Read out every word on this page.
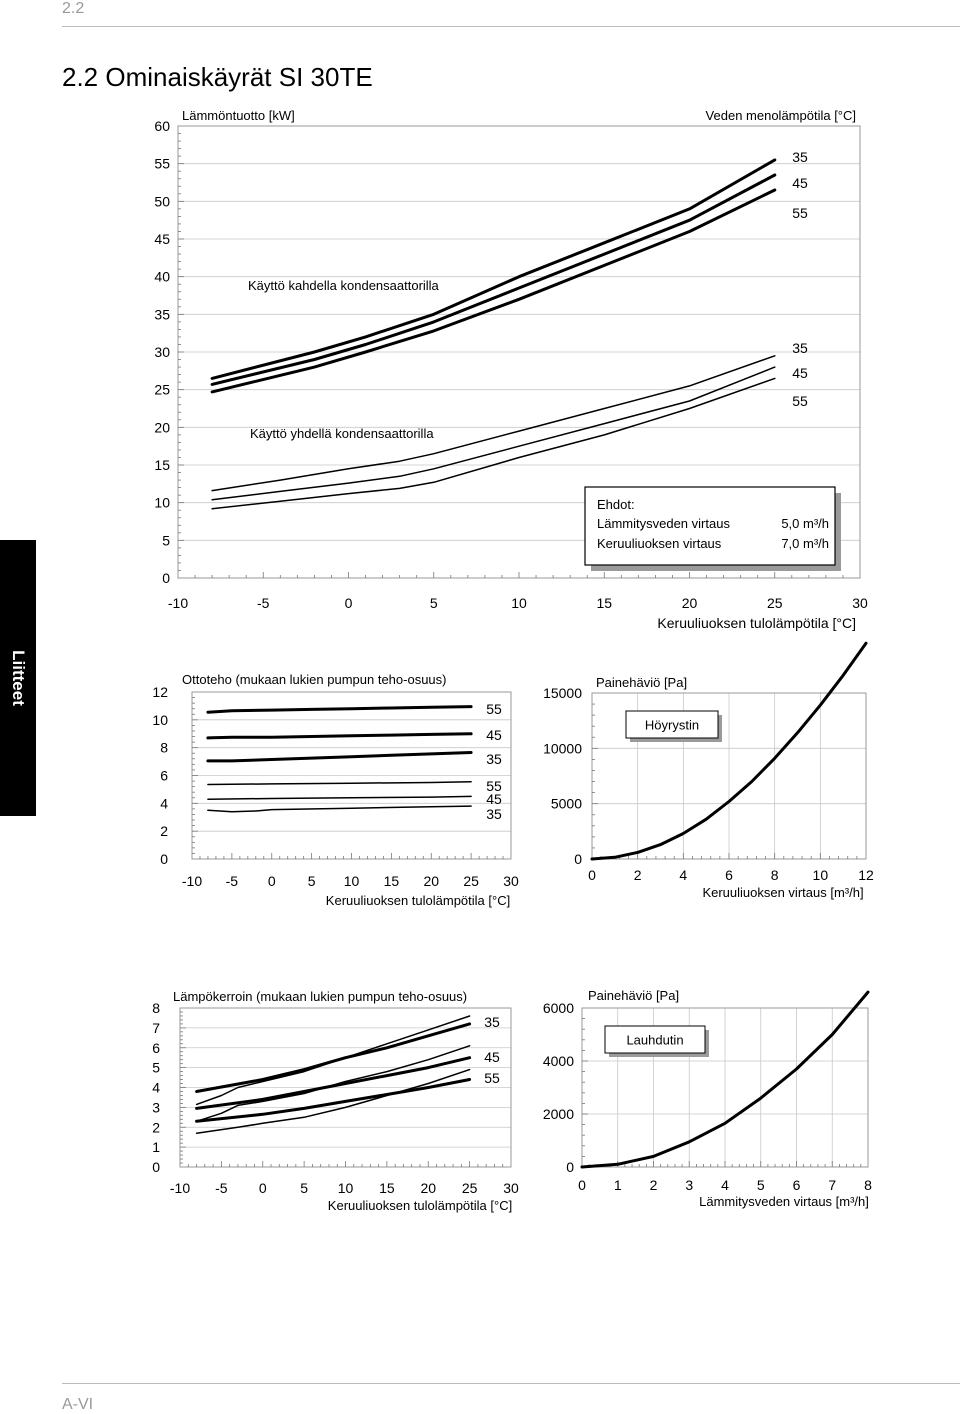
2.2
2.2 Ominaiskäyrät SI 30TE
Liitteet
A-VI
0
5
10
15
20
25
30
35
40
45
50
55
60
-10	-5	0	5	10	15	20	25	30
Lämmöntuotto [kW]	Veden menolämpötila [°C]
Keruuliuoksen tulolämpötila [°C]
35
45
55
35
45
55
Käyttö kahdella kondensaattorilla
Käyttö yhdellä kondensaattorilla
Ehdot:
Lämmitysveden virtaus	5,0 m³/h
Keruuliuoksen virtaus	7,0 m³/h
0
2
4
6
8
10
12
-10 -5 0 5 10 15 20 25 30
Ottoteho (mukaan lukien pumpun teho-osuus)
Keruuliuoksen tulolämpötila [°C]
55
45
35
55
45
35
0
5000
10000
15000
0	2	4	6	8 10 12
Painehäviö [Pa]
Keruuliuoksen virtaus [m³/h]
Höyrystin
0
1
2
3
4
5
6
7
8
-10 -5 0 5 10 15 20 25 30
Lämpökerroin (mukaan lukien pumpun teho-osuus)
Keruuliuoksen tulolämpötila [°C]
35
45
55
0
2000
4000
6000
0 1 2 3 4 5 6 7 8
Painehäviö [Pa]
Lämmitysveden virtaus [m³/h]
Lauhdutin
